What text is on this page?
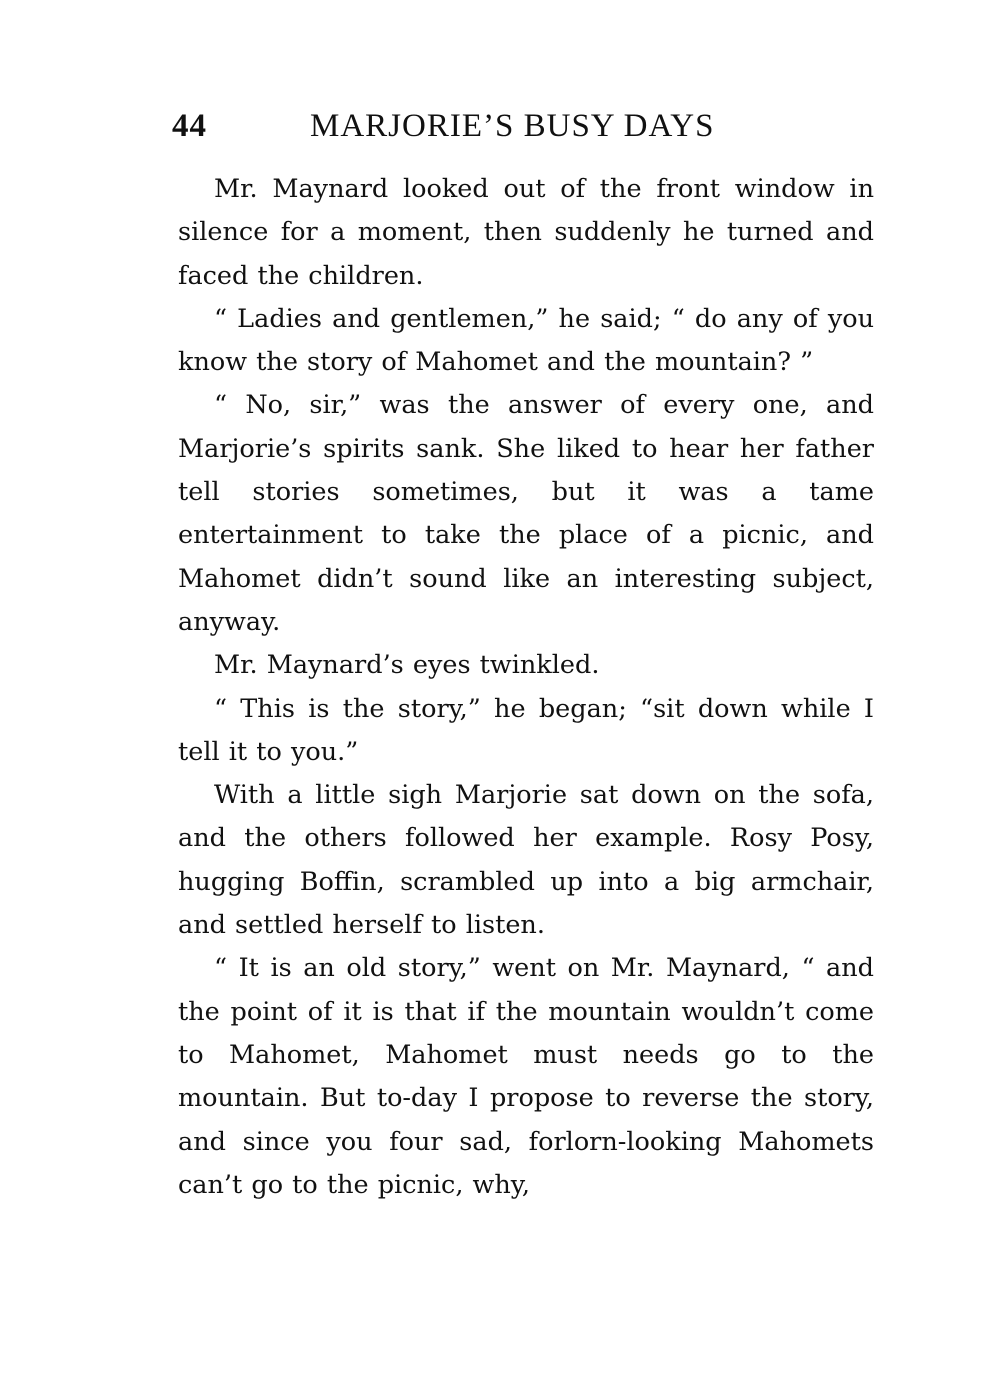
44	MARJORIE’S BUSY DAYS

Mr. Maynard looked out of the front window in silence for a moment, then suddenly he turned and faced the children.

“ Ladies and gentlemen,” he said; “ do any of you know the story of Mahomet and the mountain? ”

“ No, sir,” was the answer of every one, and Marjorie’s spirits sank. She liked to hear her father tell stories sometimes, but it was a tame entertainment to take the place of a picnic, and Mahomet didn’t sound like an interesting subject, anyway.

Mr. Maynard’s eyes twinkled.

“ This is the story,” he began; “sit down while I tell it to you.”

With a little sigh Marjorie sat down on the sofa, and the others followed her example. Rosy Posy, hugging Boffin, scrambled up into a big armchair, and settled herself to listen.

“ It is an old story,” went on Mr. Maynard, “ and the point of it is that if the mountain wouldn’t come to Mahomet, Mahomet must needs go to the mountain. But to-day I propose to reverse the story, and since you four sad, forlorn-looking Mahomets can’t go to the picnic, why,
